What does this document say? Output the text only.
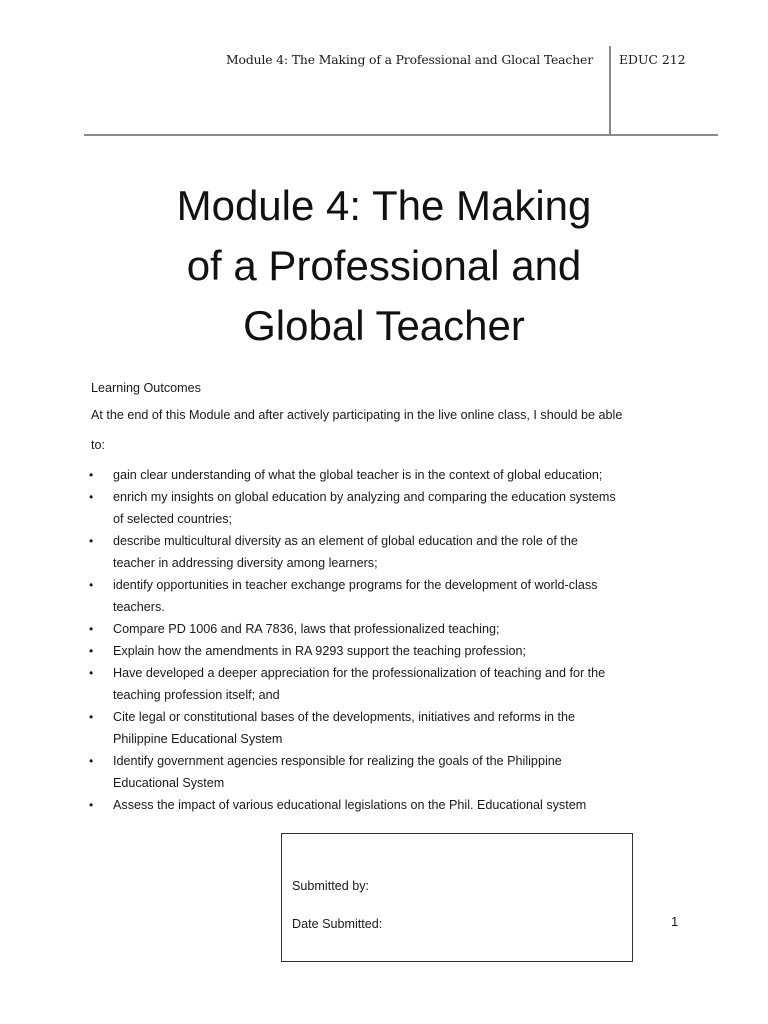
Module 4: The Making of a Professional and Glocal Teacher EDUC 212
Module 4: The Making
of a Professional and
Global Teacher
Learning Outcomes
At the end of this Module and after actively participating in the live online class, I should be able
to:
• gain clear understanding of what the global teacher is in the context of global education;
• enrich my insights on global education by analyzing and comparing the education systems
of selected countries;
• describe multicultural diversity as an element of global education and the role of the
teacher in addressing diversity among learners;
• identify opportunities in teacher exchange programs for the development of world-class
teachers.
• Compare PD 1006 and RA 7836, laws that professionalized teaching;
• Explain how the amendments in RA 9293 support the teaching profession;
• Have developed a deeper appreciation for the professionalization of teaching and for the
teaching profession itself; and
• Cite legal or constitutional bases of the developments, initiatives and reforms in the
Philippine Educational System
• Identify government agencies responsible for realizing the goals of the Philippine
Educational System
• Assess the impact of various educational legislations on the Phil. Educational system
Submitted by:
Date Submitted:	1
